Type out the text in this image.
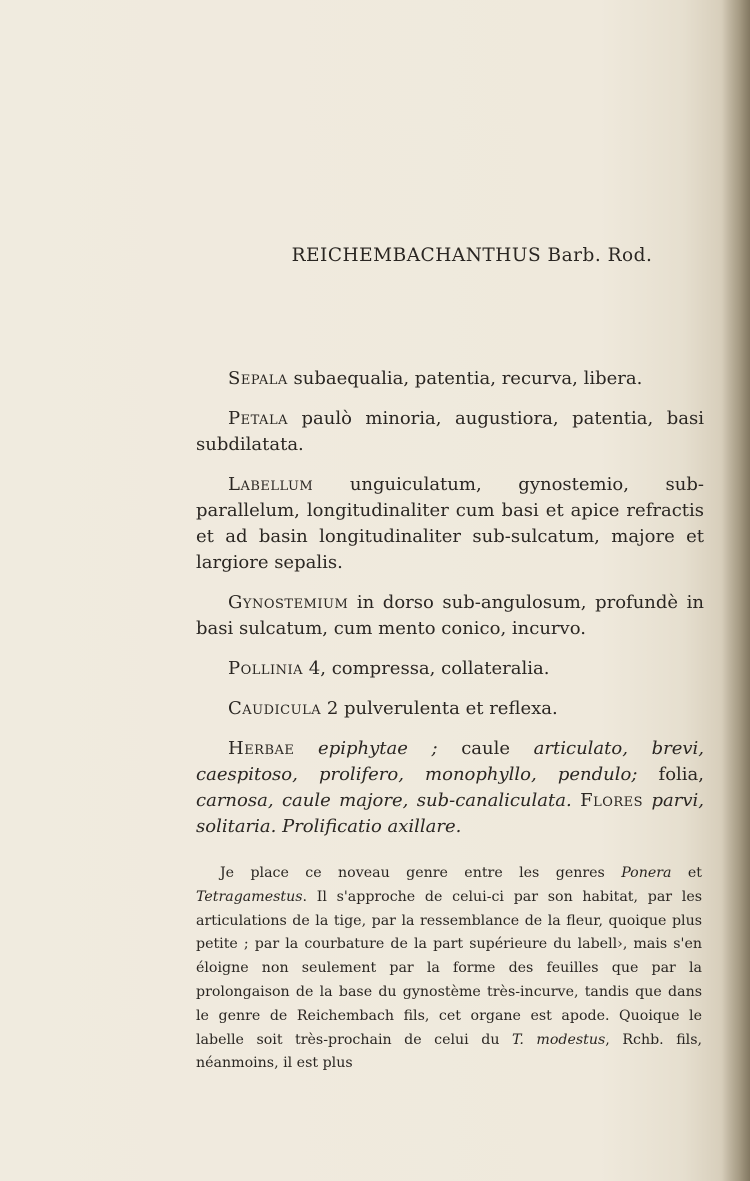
REICHEMBACHANTHUS Barb. Rod.

Sepala subaequalia, patentia, recurva, libera.

Petala paulò minoria, augustiora, patentia, basi subdilatata.

Labellum unguiculatum, gynostemio, sub-parallelum, longitudinaliter cum basi et apice refractis et ad basin longitudinaliter sub-sulcatum, majore et largiore sepalis.

Gynostemium in dorso sub-angulosum, profundè in basi sulcatum, cum mento conico, incurvo.

Pollinia 4, compressa, collateralia.

Caudicula 2 pulverulenta et reflexa.

Herbae epiphytae ; caule articulato, brevi, caespitoso, prolifero, monophyllo, pendulo; folia, carnosa, caule majore, sub-canaliculata. Flores parvi, solitaria. Prolificatio axillare.

Je place ce noveau genre entre les genres Ponera et Tetragamestus. Il s'approche de celui-ci par son habitat, par les articulations de la tige, par la ressemblance de la fleur, quoique plus petite ; par la courbature de la part supérieure du labell›, mais s'en éloigne non seulement par la forme des feuilles que par la prolongaison de la base du gynostème très-incurve, tandis que dans le genre de Reichembach fils, cet organe est apode. Quoique le labelle soit très-prochain de celui du T. modestus, Rchb. fils, néanmoins, il est plus
